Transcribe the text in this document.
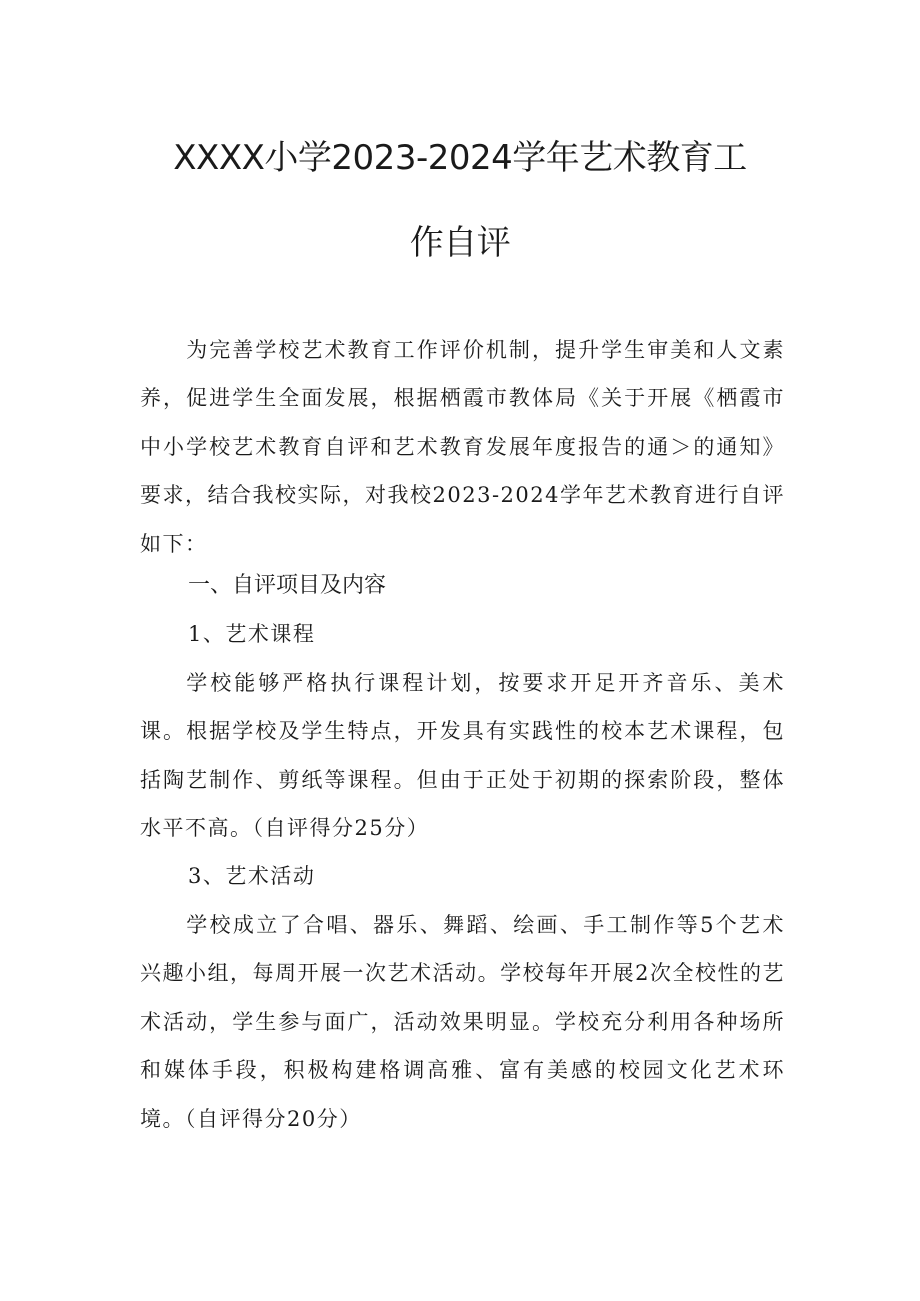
XXXX小学2023-2024学年艺术教育工
作自评

为完善学校艺术教育工作评价机制，提升学生审美和人文素养，促进学生全面发展，根据栖霞市教体局《关于开展《栖霞市中小学校艺术教育自评和艺术教育发展年度报告的通＞的通知》要求，结合我校实际，对我校2023-2024学年艺术教育进行自评如下：

一、自评项目及内容
1、艺术课程

学校能够严格执行课程计划，按要求开足开齐音乐、美术课。根据学校及学生特点，开发具有实践性的校本艺术课程，包括陶艺制作、剪纸等课程。但由于正处于初期的探索阶段，整体水平不高。（自评得分25分）

3、艺术活动

学校成立了合唱、器乐、舞蹈、绘画、手工制作等5个艺术兴趣小组，每周开展一次艺术活动。学校每年开展2次全校性的艺术活动，学生参与面广，活动效果明显。学校充分利用各种场所和媒体手段，积极构建格调高雅、富有美感的校园文化艺术环境。（自评得分20分）
